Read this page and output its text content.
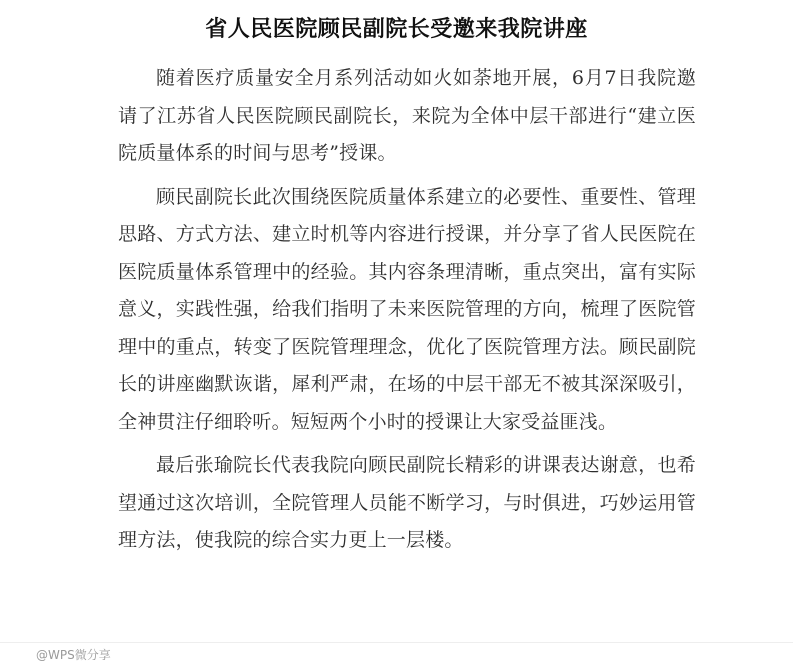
省人民医院顾民副院长受邀来我院讲座

随着医疗质量安全月系列活动如火如荼地开展，6月7日我院邀请了江苏省人民医院顾民副院长，来院为全体中层干部进行“建立医院质量体系的时间与思考”授课。

顾民副院长此次围绕医院质量体系建立的必要性、重要性、管理思路、方式方法、建立时机等内容进行授课，并分享了省人民医院在医院质量体系管理中的经验。其内容条理清晰，重点突出，富有实际意义，实践性强，给我们指明了未来医院管理的方向，梳理了医院管理中的重点，转变了医院管理理念，优化了医院管理方法。顾民副院长的讲座幽默诙谐，犀利严肃，在场的中层干部无不被其深深吸引，全神贯注仔细聆听。短短两个小时的授课让大家受益匪浅。

最后张瑜院长代表我院向顾民副院长精彩的讲课表达谢意，也希望通过这次培训，全院管理人员能不断学习，与时俱进，巧妙运用管理方法，使我院的综合实力更上一层楼。

@WPS微分享
